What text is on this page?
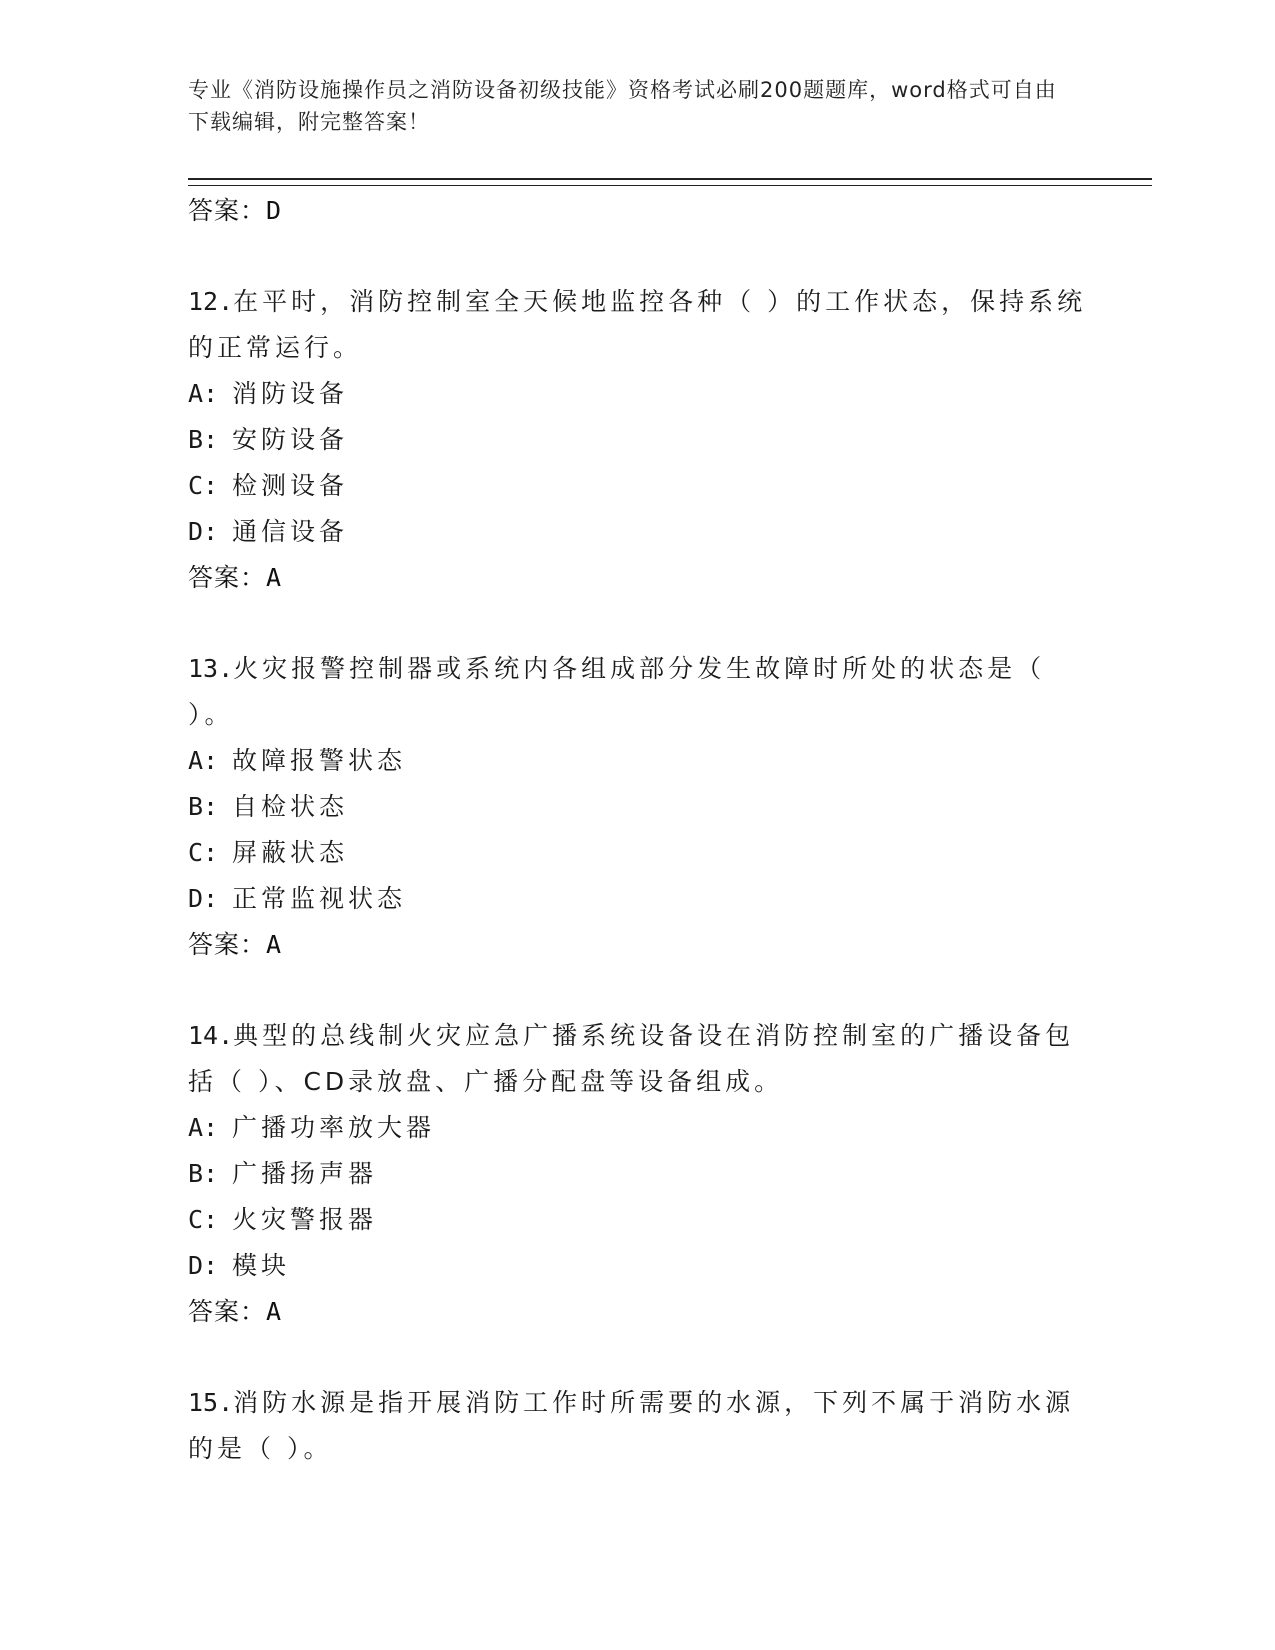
专业《消防设施操作员之消防设备初级技能》资格考试必刷200题题库，word格式可自由下载编辑，附完整答案！
答案：D
12.在平时，消防控制室全天候地监控各种（ ）的工作状态，保持系统的正常运行。
A: 消防设备
B: 安防设备
C: 检测设备
D: 通信设备
答案：A
13.火灾报警控制器或系统内各组成部分发生故障时所处的状态是（ ）。
A: 故障报警状态
B: 自检状态
C: 屏蔽状态
D: 正常监视状态
答案：A
14.典型的总线制火灾应急广播系统设备设在消防控制室的广播设备包括（ ）、CD录放盘、广播分配盘等设备组成。
A: 广播功率放大器
B: 广播扬声器
C: 火灾警报器
D: 模块
答案：A
15.消防水源是指开展消防工作时所需要的水源，下列不属于消防水源的是（ ）。
